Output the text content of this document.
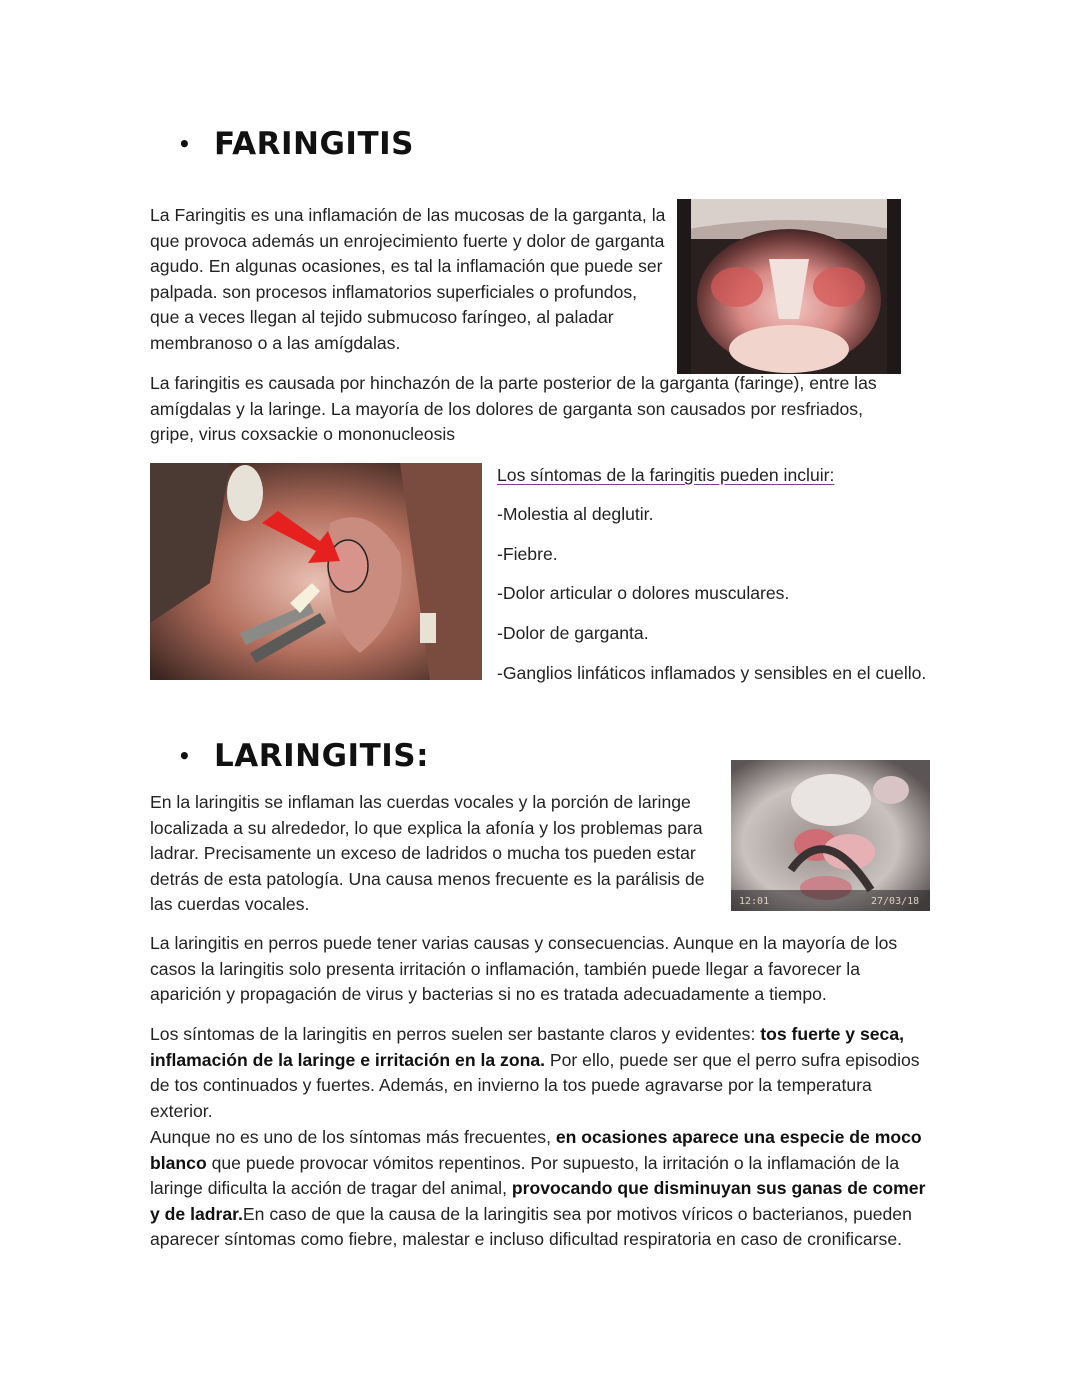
• FARINGITIS

La Faringitis es una inflamación de las mucosas de la garganta, la que provoca además un enrojecimiento fuerte y dolor de garganta agudo. En algunas ocasiones, es tal la inflamación que puede ser palpada. son procesos inflamatorios superficiales o profundos, que a veces llegan al tejido submucoso faríngeo, al paladar membranoso o a las amígdalas.

La faringitis es causada por hinchazón de la parte posterior de la garganta (faringe), entre las amígdalas y la laringe. La mayoría de los dolores de garganta son causados por resfriados, gripe, virus coxsackie o mononucleosis

Los síntomas de la faringitis pueden incluir:

-Molestia al deglutir.

-Fiebre.

-Dolor articular o dolores musculares.

-Dolor de garganta.

-Ganglios linfáticos inflamados y sensibles en el cuello.

• LARINGITIS:

En la laringitis se inflaman las cuerdas vocales y la porción de laringe localizada a su alrededor, lo que explica la afonía y los problemas para ladrar. Precisamente un exceso de ladridos o mucha tos pueden estar detrás de esta patología. Una causa menos frecuente es la parálisis de las cuerdas vocales.	12:01	27/03/18

La laringitis en perros puede tener varias causas y consecuencias. Aunque en la mayoría de los casos la laringitis solo presenta irritación o inflamación, también puede llegar a favorecer la aparición y propagación de virus y bacterias si no es tratada adecuadamente a tiempo.

Los síntomas de la laringitis en perros suelen ser bastante claros y evidentes: tos fuerte y seca, inflamación de la laringe e irritación en la zona. Por ello, puede ser que el perro sufra episodios de tos continuados y fuertes. Además, en invierno la tos puede agravarse por la temperatura exterior.

Aunque no es uno de los síntomas más frecuentes, en ocasiones aparece una especie de moco blanco que puede provocar vómitos repentinos. Por supuesto, la irritación o la inflamación de la laringe dificulta la acción de tragar del animal, provocando que disminuyan sus ganas de comer y de ladrar.En caso de que la causa de la laringitis sea por motivos víricos o bacterianos, pueden aparecer síntomas como fiebre, malestar e incluso dificultad respiratoria en caso de cronificarse.
